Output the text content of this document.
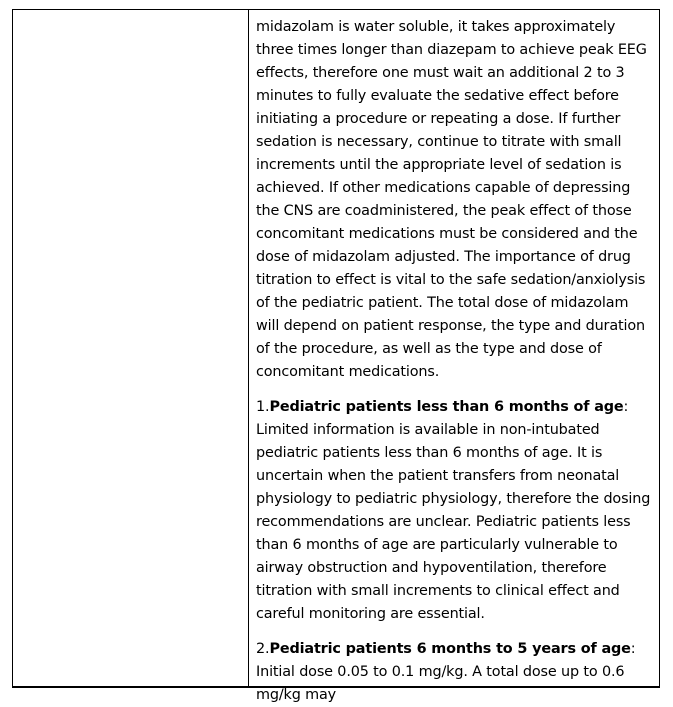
midazolam is water soluble, it takes approximately three times longer than diazepam to achieve peak EEG effects, therefore one must wait an additional 2 to 3 minutes to fully evaluate the sedative effect before initiating a procedure or repeating a dose. If further sedation is necessary, continue to titrate with small increments until the appropriate level of sedation is achieved. If other medications capable of depressing the CNS are coadministered, the peak effect of those concomitant medications must be considered and the dose of midazolam adjusted. The importance of drug titration to effect is vital to the safe sedation/anxiolysis of the pediatric patient. The total dose of midazolam will depend on patient response, the type and duration of the procedure, as well as the type and dose of concomitant medications.

1.Pediatric patients less than 6 months of age: Limited information is available in non-intubated pediatric patients less than 6 months of age. It is uncertain when the patient transfers from neonatal physiology to pediatric physiology, therefore the dosing recommendations are unclear. Pediatric patients less than 6 months of age are particularly vulnerable to airway obstruction and hypoventilation, therefore titration with small increments to clinical effect and careful monitoring are essential.

2.Pediatric patients 6 months to 5 years of age: Initial dose 0.05 to 0.1 mg/kg. A total dose up to 0.6 mg/kg may
